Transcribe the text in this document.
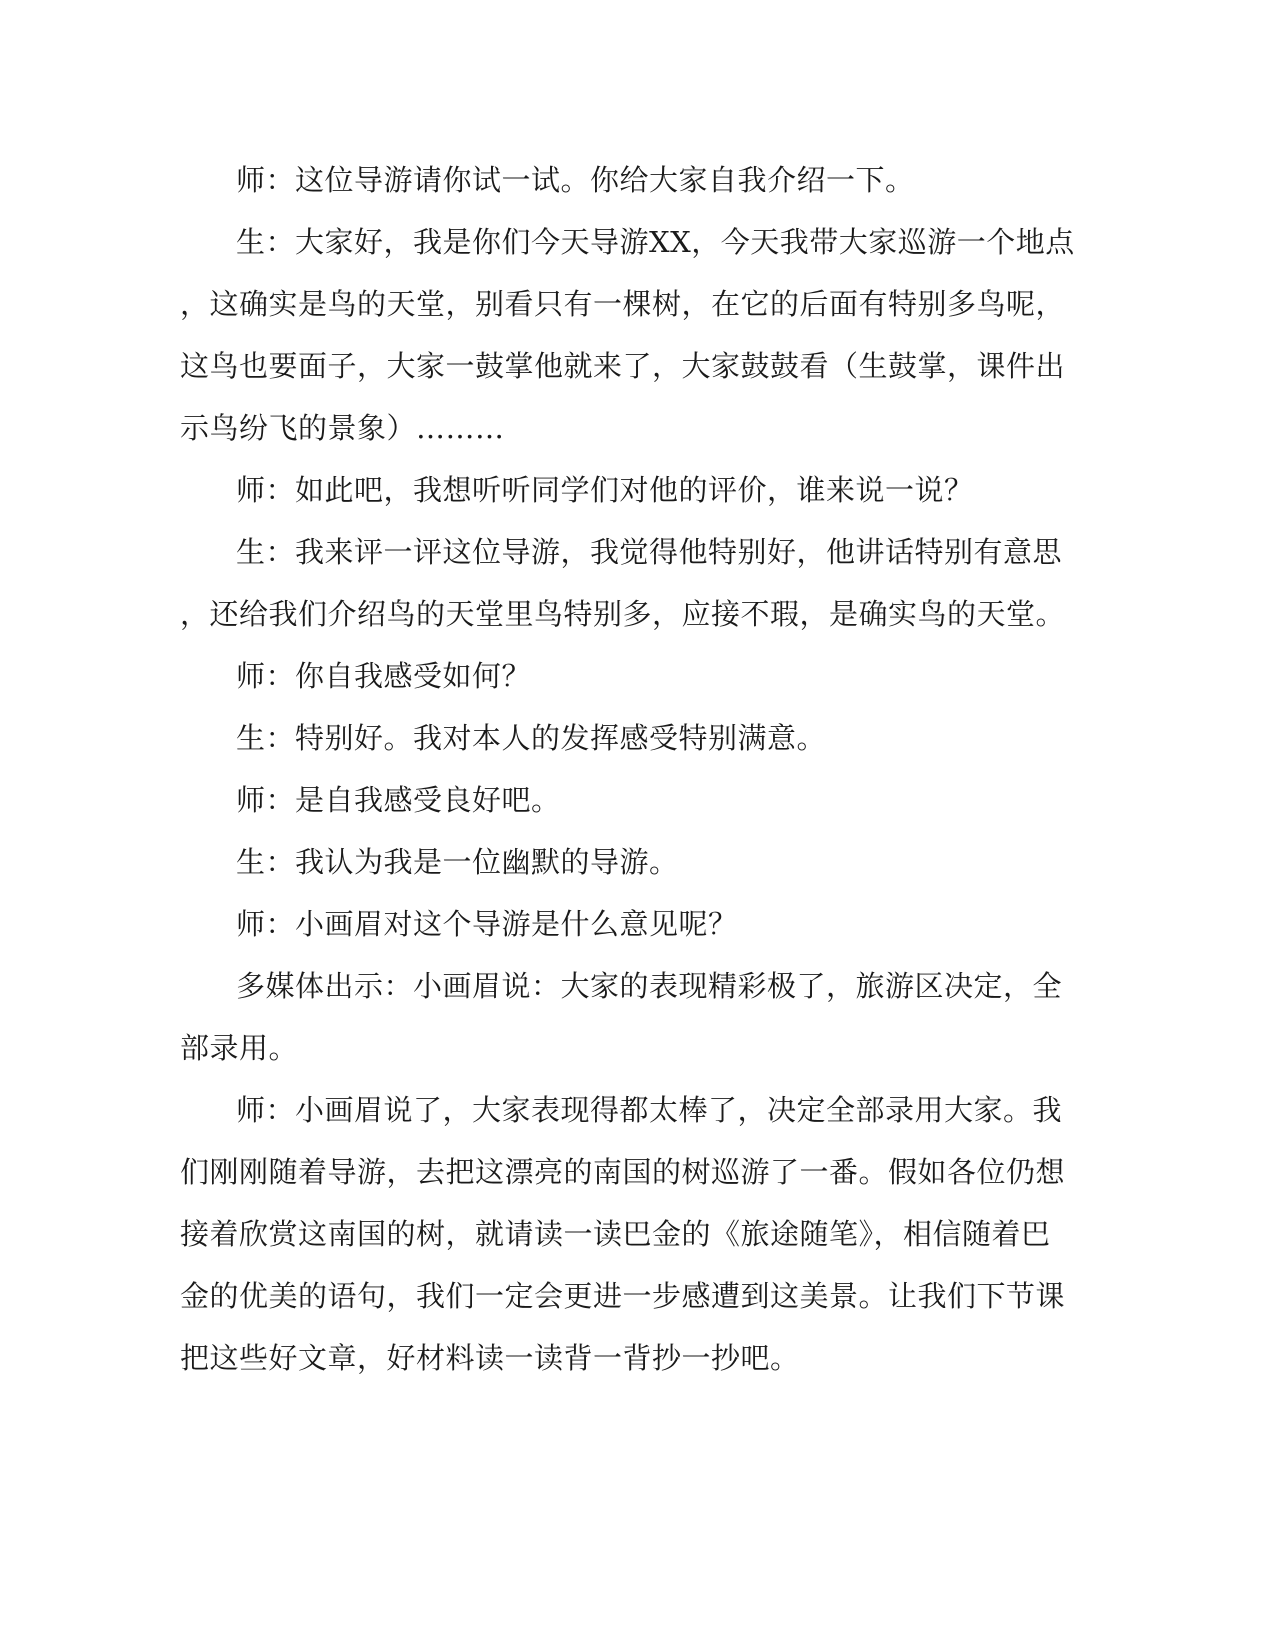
师：这位导游请你试一试。你给大家自我介绍一下。
生：大家好，我是你们今天导游XX，今天我带大家巡游一个地点
，这确实是鸟的天堂，别看只有一棵树，在它的后面有特别多鸟呢，
这鸟也要面子，大家一鼓掌他就来了，大家鼓鼓看（生鼓掌，课件出
示鸟纷飞的景象）………
师：如此吧，我想听听同学们对他的评价，谁来说一说？
生：我来评一评这位导游，我觉得他特别好，他讲话特别有意思
，还给我们介绍鸟的天堂里鸟特别多，应接不瑕，是确实鸟的天堂。
师：你自我感受如何？
生：特别好。我对本人的发挥感受特别满意。
师：是自我感受良好吧。
生：我认为我是一位幽默的导游。
师：小画眉对这个导游是什么意见呢？
多媒体出示：小画眉说：大家的表现精彩极了，旅游区决定，全
部录用。
师：小画眉说了，大家表现得都太棒了，决定全部录用大家。我
们刚刚随着导游，去把这漂亮的南国的树巡游了一番。假如各位仍想
接着欣赏这南国的树，就请读一读巴金的《旅途随笔》，相信随着巴
金的优美的语句，我们一定会更进一步感遭到这美景。让我们下节课
把这些好文章，好材料读一读背一背抄一抄吧。
